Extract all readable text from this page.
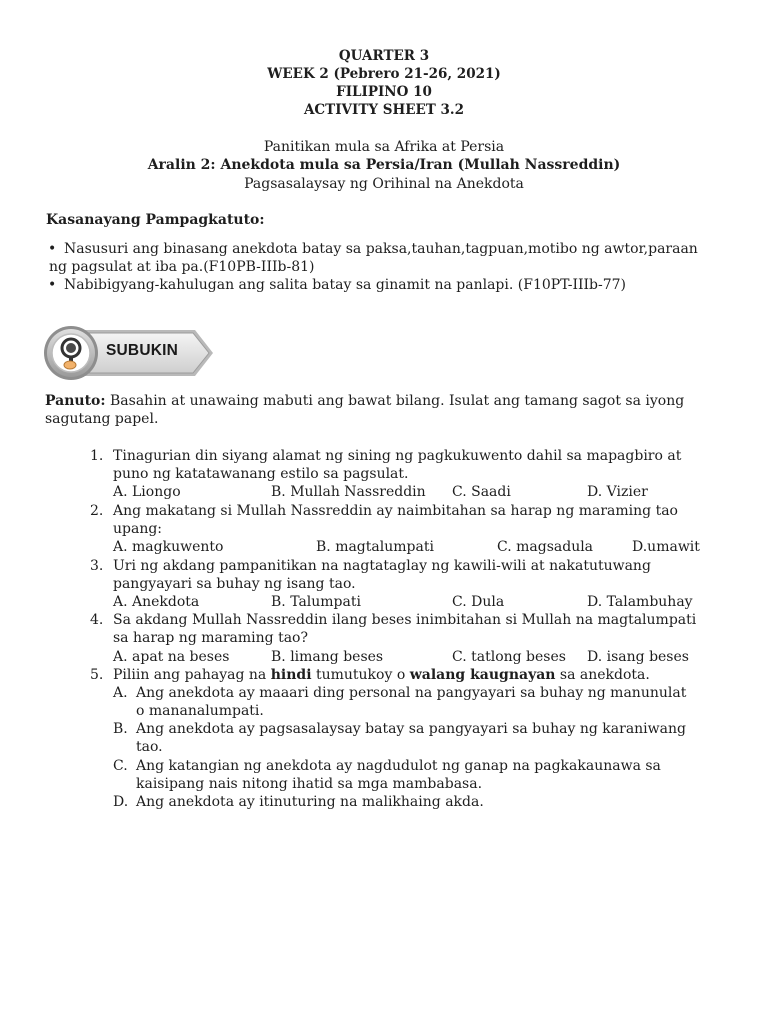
QUARTER 3
WEEK 2 (Pebrero 21-26, 2021)
FILIPINO 10
ACTIVITY SHEET 3.2
Panitikan mula sa Afrika at Persia
Aralin 2: Anekdota mula sa Persia/Iran (Mullah Nassreddin)
Pagsasalaysay ng Orihinal na Anekdota
Kasanayang Pampagkatuto:
• Nasusuri ang binasang anekdota batay sa paksa,tauhan,tagpuan,motibo ng awtor,paraan
ng pagsulat at iba pa.(F10PB-IIIb-81)
• Nabibigyang-kahulugan ang salita batay sa ginamit na panlapi. (F10PT-IIIb-77)
SUBUKIN
Panuto: Basahin at unawaing mabuti ang bawat bilang. Isulat ang tamang sagot sa iyong
sagutang papel.
1. Tinagurian din siyang alamat ng sining ng pagkukuwento dahil sa mapagbiro at
puno ng katatawanang estilo sa pagsulat.
A. Liongo	B. Mullah Nassreddin C. Saadi	D. Vizier
2. Ang makatang si Mullah Nassreddin ay naimbitahan sa harap ng maraming tao
upang:
A. magkuwento	B. magtalumpati	C. magsadula	D.umawit
3. Uri ng akdang pampanitikan na nagtataglay ng kawili-wili at nakatutuwang
pangyayari sa buhay ng isang tao.
A. Anekdota	B. Talumpati	C. Dula	D. Talambuhay
4. Sa akdang Mullah Nassreddin ilang beses inimbitahan si Mullah na magtalumpati
sa harap ng maraming tao?
A. apat na beses	B. limang beses	C. tatlong beses D. isang beses
5. Piliin ang pahayag na hindi tumutukoy o walang kaugnayan sa anekdota.
A. Ang anekdota ay maaari ding personal na pangyayari sa buhay ng manunulat
o mananalumpati.
B. Ang anekdota ay pagsasalaysay batay sa pangyayari sa buhay ng karaniwang
tao.
C. Ang katangian ng anekdota ay nagdudulot ng ganap na pagkakaunawa sa
kaisipang nais nitong ihatid sa mga mambabasa.
D. Ang anekdota ay itinuturing na malikhaing akda.
